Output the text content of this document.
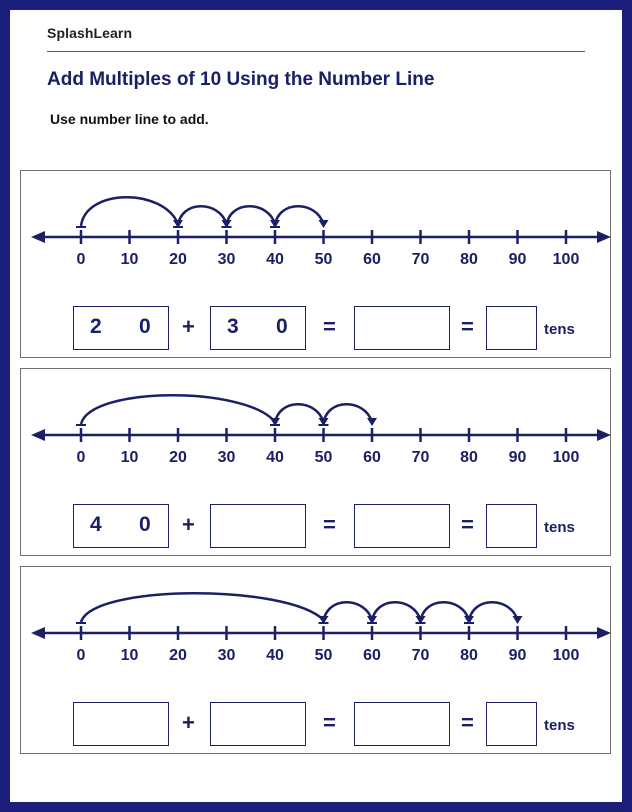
SplashLearn
Add Multiples of 10 Using the Number Line
Use number line to add.
0 10 20 30 40 50 60 70 80 90 100
2 0 + 3 0 =	=	tens
0 10 20 30 40 50 60 70 80 90 100
4 0 +	=	=	tens
0 10 20 30 40 50 60 70 80 90 100
+	=	=	tens
